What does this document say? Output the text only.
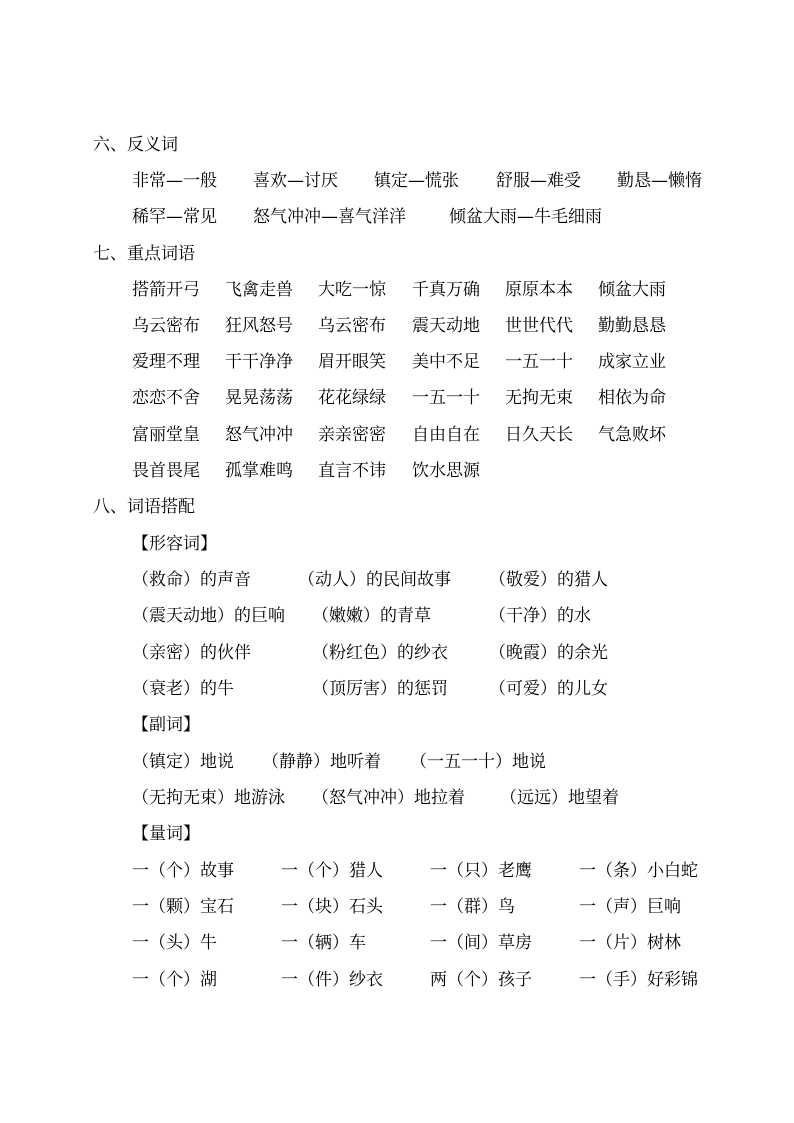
六、反义词
非常—一般 喜欢—讨厌 镇定—慌张 舒服—难受 勤恳—懒惰
稀罕—常见 怒气冲冲—喜气洋洋	倾盆大雨—牛毛细雨
七、重点词语
搭箭开弓 飞禽走兽 大吃一惊 千真万确 原原本本 倾盆大雨
乌云密布 狂风怒号 乌云密布 震天动地 世世代代 勤勤恳恳
爱理不理 干干净净 眉开眼笑 美中不足 一五一十 成家立业
恋恋不舍 晃晃荡荡 花花绿绿 一五一十 无拘无束 相依为命
富丽堂皇 怒气冲冲 亲亲密密 自由自在 日久天长 气急败坏
畏首畏尾 孤掌难鸣 直言不讳 饮水思源
八、词语搭配
【形容词】
（救命）的声音	（动人）的民间故事 （敬爱）的猎人
（震天动地）的巨响 （嫩嫩）的青草	（干净）的水
（亲密）的伙伴	（粉红色）的纱衣 （晚霞）的余光
（衰老）的牛	（顶厉害）的惩罚 （可爱）的儿女
【副词】
（镇定）地说 （静静）地听着 （一五一十）地说
（无拘无束）地游泳 （怒气冲冲）地拉着 （远远）地望着
【量词】
一（个）故事	一（个）猎人	一（只）老鹰	一（条）小白蛇
一（颗）宝石	一（块）石头	一（群）鸟	一（声）巨响
一（头）牛	一（辆）车	一（间）草房	一（片）树林
一（个）湖	一（件）纱衣	两（个）孩子	一（手）好彩锦
